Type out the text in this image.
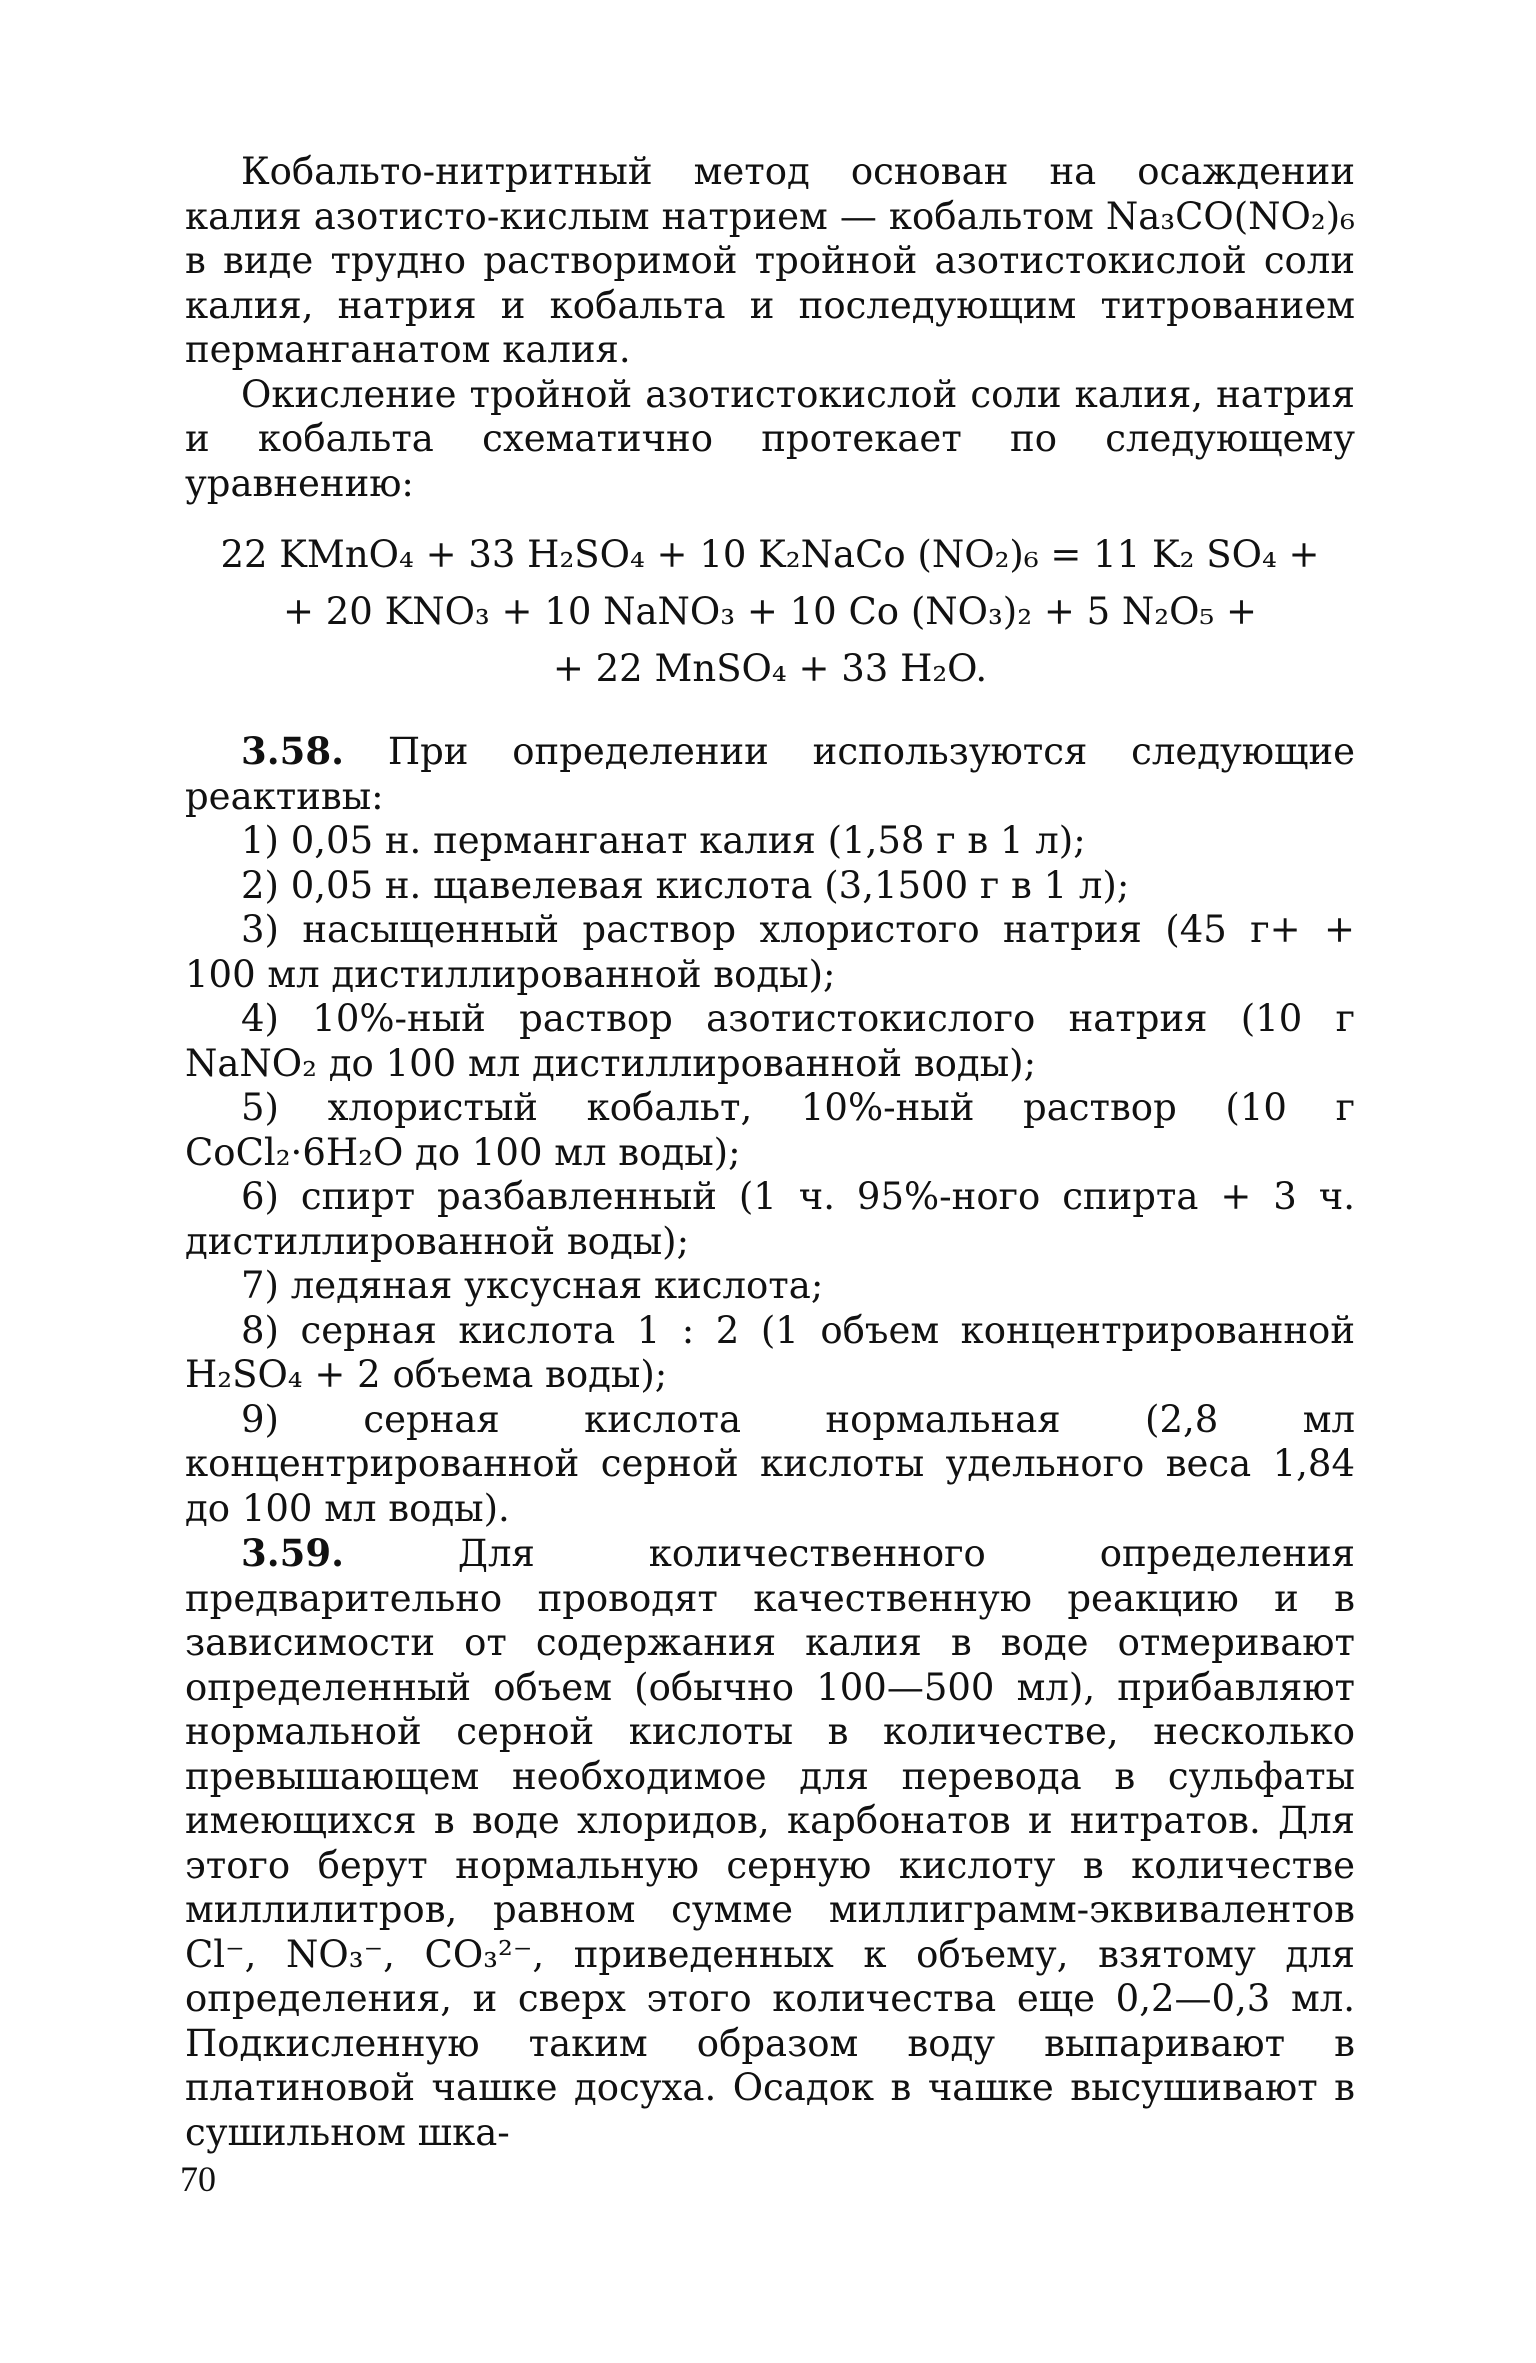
Кобальто-нитритный метод основан на осаждении калия азотисто-кислым натрием — кобальтом Na₃CO(NO₂)₆ в виде трудно растворимой тройной азотистокислой соли калия, натрия и кобальта и последующим титрованием перманганатом калия.

Окисление тройной азотистокислой соли калия, натрия и кобальта схематично протекает по следующему уравнению:

22 KMnO₄ + 33 H₂SO₄ + 10 K₂NaCo (NO₂)₆ = 11 K₂ SO₄ +
+ 20 KNO₃ + 10 NaNO₃ + 10 Co (NO₃)₂ + 5 N₂O₅ +
+ 22 MnSO₄ + 33 H₂O.

3.58. При определении используются следующие реактивы:

1) 0,05 н. перманганат калия (1,58 г в 1 л);

2) 0,05 н. щавелевая кислота (3,1500 г в 1 л);

3) насыщенный раствор хлористого натрия (45 г+ + 100 мл дистиллированной воды);

4) 10%-ный раствор азотистокислого натрия (10 г NaNO₂ до 100 мл дистиллированной воды);

5) хлористый кобальт, 10%-ный раствор (10 г CoCl₂·6H₂O до 100 мл воды);

6) спирт разбавленный (1 ч. 95%-ного спирта + 3 ч. дистиллированной воды);

7) ледяная уксусная кислота;

8) серная кислота 1 : 2 (1 объем концентрированной H₂SO₄ + 2 объема воды);

9) серная кислота нормальная (2,8 мл концентрированной серной кислоты удельного веса 1,84 до 100 мл воды).

3.59.	Для количественного определения предварительно проводят качественную реакцию и в зависимости от содержания калия в воде отмеривают определенный объем (обычно 100—500 мл), прибавляют нормальной серной кислоты в количестве, несколько превышающем необходимое для перевода в сульфаты имеющихся в воде хлоридов, карбонатов и нитратов. Для этого берут нормальную серную кислоту в количестве миллилитров, равном сумме миллиграмм-эквивалентов Cl⁻, NO₃⁻, CO₃²⁻, приведенных к объему, взятому для определения, и сверх этого количества еще 0,2—0,3 мл. Подкисленную таким образом воду выпаривают в платиновой чашке досуха. Осадок в чашке высушивают в сушильном шка-

70
